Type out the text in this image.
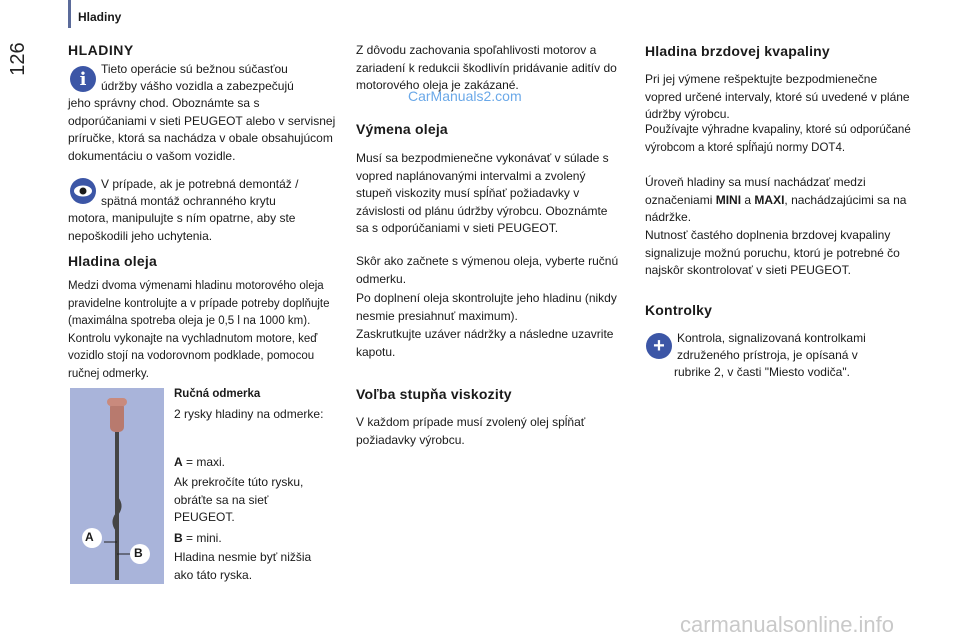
Hladiny
126
CarManuals2.com
carmanualsonline.info
HLADINY
i	Tieto operácie sú bežnou súčasťou
údržby vášho vozidla a zabezpečujú
jeho správny chod. Oboznámte sa s odporúčaniami v sieti PEUGEOT alebo v servisnej príručke, ktorá sa nachádza v obale obsahujúcom dokumentáciu o vašom vozidle.
V prípade, ak je potrebná demontáž /
spätná montáž ochranného krytu
motora, manipulujte s ním opatrne, aby ste nepoškodili jeho uchytenia.
Hladina oleja
Medzi dvoma výmenami hladinu motorového oleja pravidelne kontrolujte a v prípade potreby doplňujte (maximálna spotreba oleja je 0,5 l na 1000 km). Kontrolu vykonajte na vychladnutom motore, keď vozidlo stojí na vodorovnom podklade, pomocou ručnej odmerky.
A
B
Ručná odmerka
2 rysky hladiny na odmerke:
A = maxi.
Ak prekročíte túto rysku, obráťte sa na sieť PEUGEOT.
B = mini.
Hladina nesmie byť nižšia ako táto ryska.
Z dôvodu zachovania spoľahlivosti motorov a zariadení k redukcii škodlivín pridávanie aditív do motorového oleja je zakázané.
Výmena oleja
Musí sa bezpodmienečne vykonávať v súlade s vopred naplánovanými intervalmi a zvolený stupeň viskozity musí spĺňať požiadavky v závislosti od plánu údržby výrobcu. Oboznámte sa s odporúčaniami v sieti PEUGEOT.
Skôr ako začnete s výmenou oleja, vyberte ručnú odmerku.
Po doplnení oleja skontrolujte jeho hladinu (nikdy nesmie presiahnuť maximum).
Zaskrutkujte uzáver nádržky a následne uzavrite kapotu.
Voľba stupňa viskozity
V každom prípade musí zvolený olej spĺňať požiadavky výrobcu.
Hladina brzdovej kvapaliny
Pri jej výmene rešpektujte bezpodmienečne vopred určené intervaly, ktoré sú uvedené v pláne údržby výrobcu.
Používajte výhradne kvapaliny, ktoré sú odporúčané výrobcom a ktoré spĺňajú normy DOT4.
Úroveň hladiny sa musí nachádzať medzi označeniami MINI a MAXI, nachádzajúcimi sa na nádržke.
Nutnosť častého doplnenia brzdovej kvapaliny signalizuje možnú poruchu, ktorú je potrebné čo najskôr skontrolovať v sieti PEUGEOT.
Kontrolky
+	Kontrola, signalizovaná kontrolkami
združeného prístroja, je opísaná v
rubrike 2, v časti "Miesto vodiča".
